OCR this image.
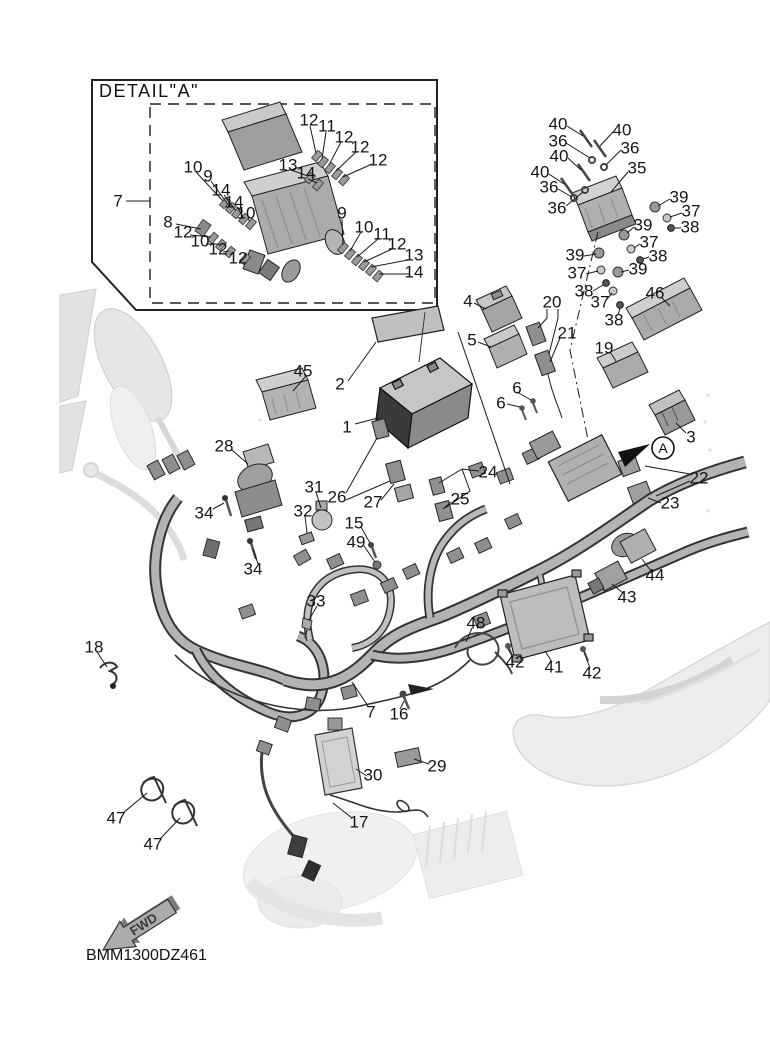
A
FWD
DETAIL"A"
BMM1300DZ461
7
10 9
14
14
10
8
12
10 12 12
12 11
12
12
12
13 14
9
10 11
12
13
14
40
36
40
40
36
36
40
36
35
39
37
38
39
37
38
39
37
38
39
37
38
46
20
21
4
5	19
6
6
3
22
23
24
25
2
1
45
28
34
31
32
26 27
15
49
34
33
18
48
42 41 42
43
44
7 16
29
30
17
47
47
